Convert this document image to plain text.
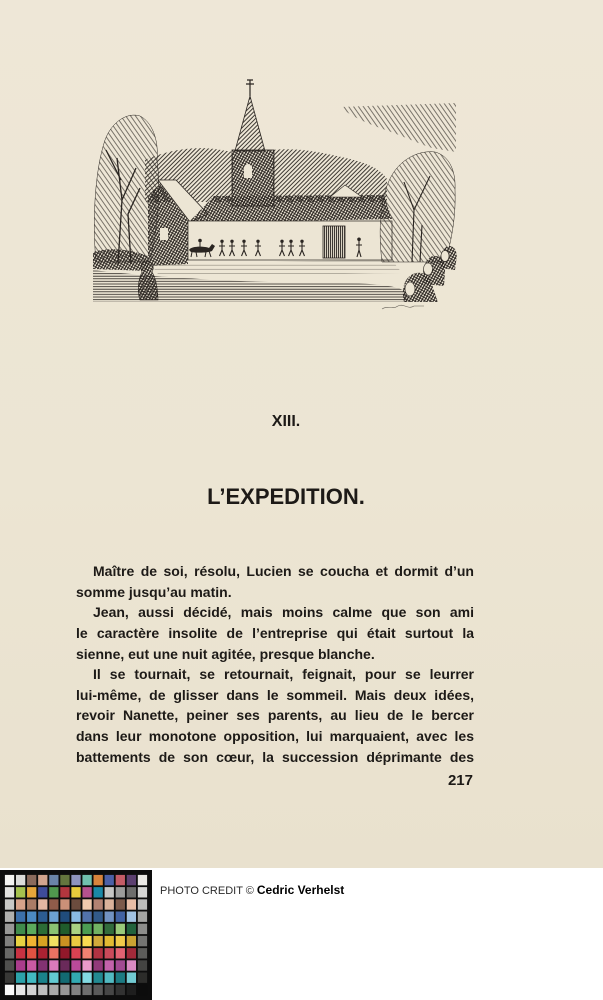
XIII.
L’EXPEDITION.
Maître de soi, résolu, Lucien se coucha et dormit d’un
somme jusqu’au matin.
Jean, aussi décidé, mais moins calme que son ami
le caractère insolite de l’entreprise qui était surtout la
sienne, eut une nuit agitée, presque blanche.
Il se tournait, se retournait, feignait, pour se leurrer
lui-même, de glisser dans le sommeil. Mais deux idées,
revoir Nanette, peiner ses parents, au lieu de le bercer
dans leur monotone opposition, lui marquaient, avec les
battements de son cœur, la succession déprimante des
217
PHOTO CREDIT © Cedric Verhelst
